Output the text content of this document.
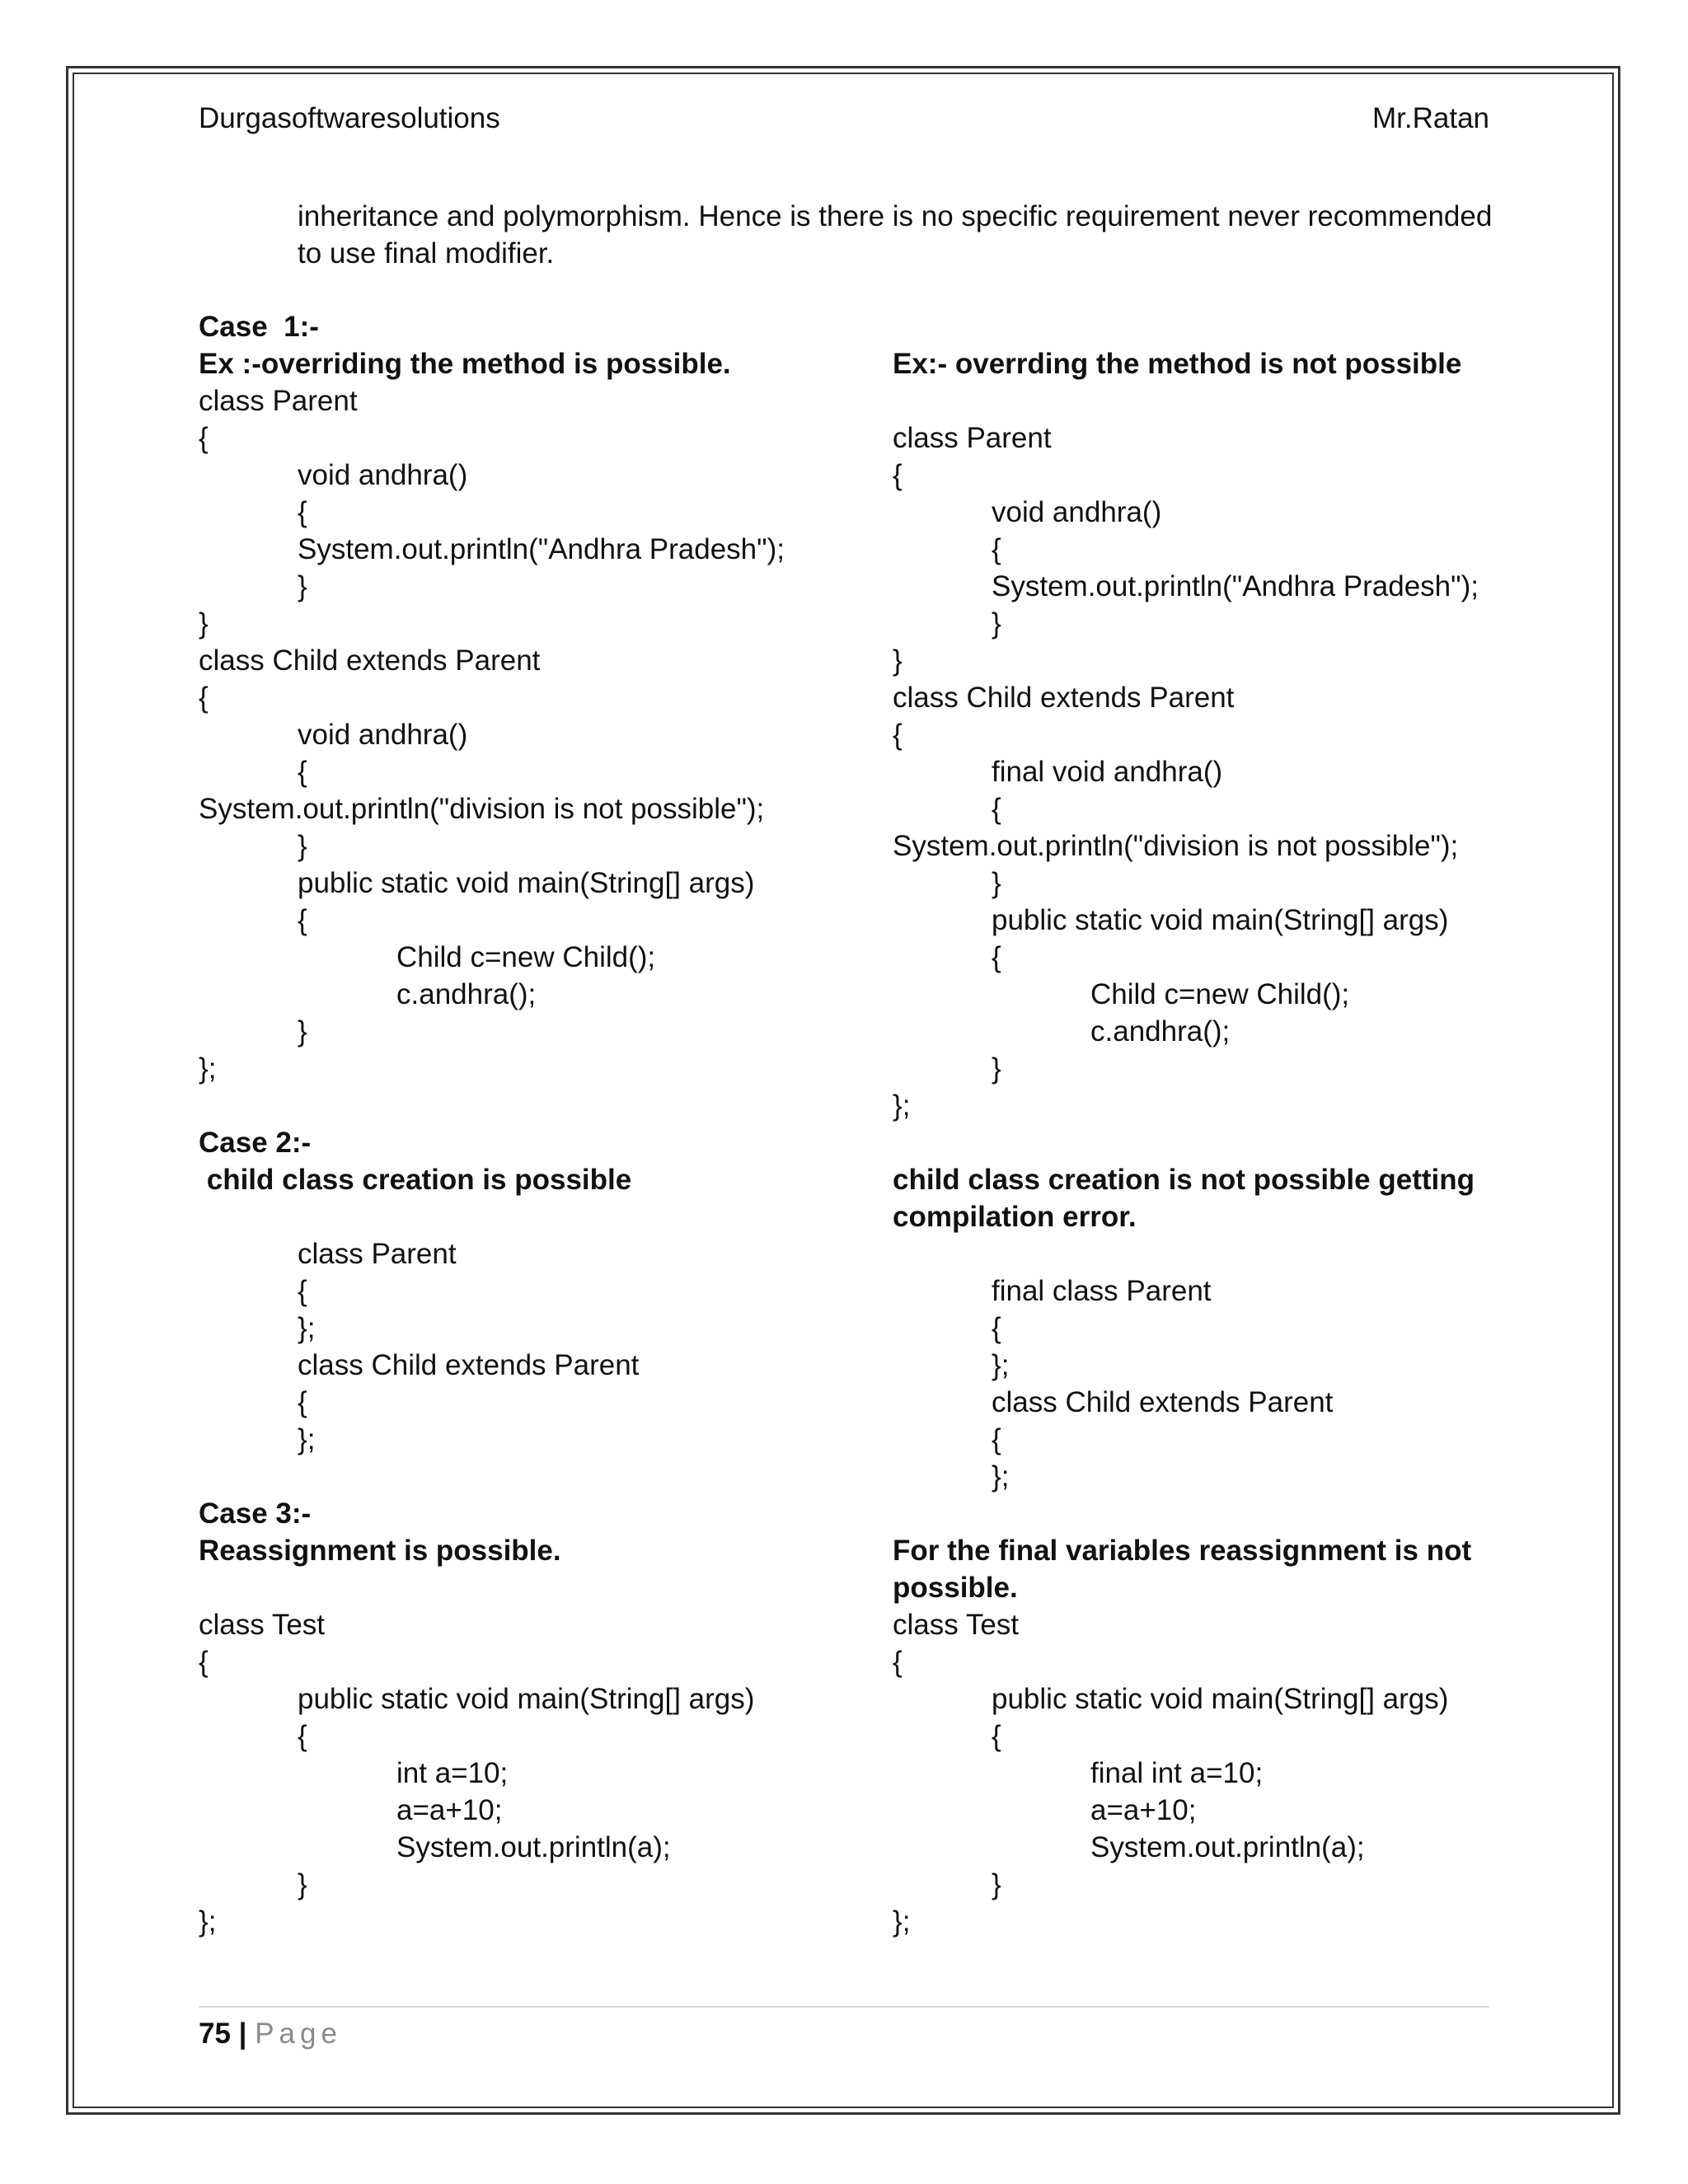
Durgasoftwaresolutions	Mr.Ratan
inheritance and polymorphism. Hence is there is no specific requirement never recommended to use final modifier.
Case  1:-
Ex :-overriding the method is possible.
class Parent
{
void andhra()
{
System.out.println("Andhra Pradesh");
}
}
class Child extends Parent
{
void andhra()
{
System.out.println("division is not possible");
}
public static void main(String[] args)
{
Child c=new Child();
c.andhra();
}
};
Case 2:-
child class creation is possible
class Parent
{
};
class Child extends Parent
{
};
Case 3:-
Reassignment is possible.
class Test
{
public static void main(String[] args)
{
int a=10;
a=a+10;
System.out.println(a);
}
};
Ex:- overrding the method is not possible
class Parent
{
void andhra()
{
System.out.println("Andhra Pradesh");
}
}
class Child extends Parent
{
final void andhra()
{
System.out.println("division is not possible");
}
public static void main(String[] args)
{
Child c=new Child();
c.andhra();
}
};
child class creation is not possible getting
compilation error.
final class Parent
{
};
class Child extends Parent
{
};
For the final variables reassignment is not
possible.
class Test
{
public static void main(String[] args)
{
final int a=10;
a=a+10;
System.out.println(a);
}
};
75 | Page
